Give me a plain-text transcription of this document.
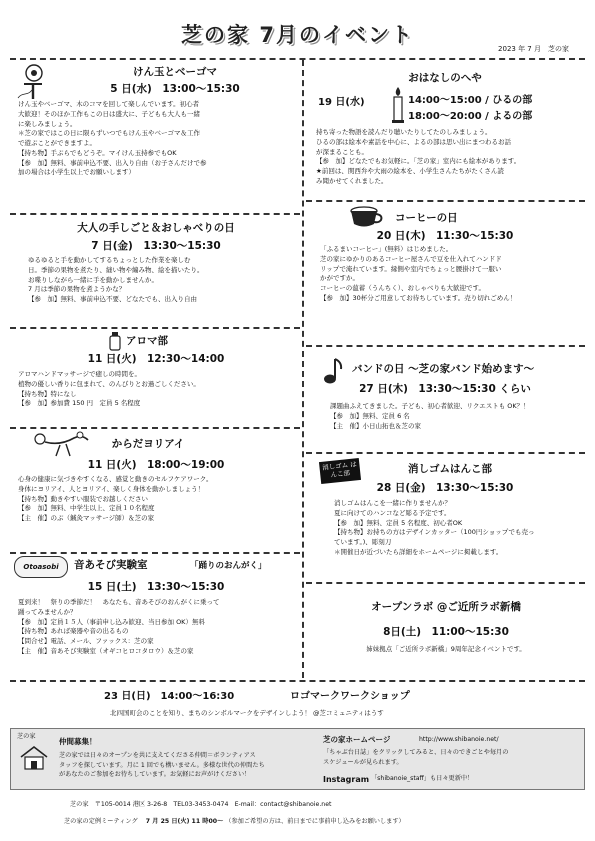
芝の家 7月のイベント
2023 年 7 月　芝の家
けん玉とベーゴマ
5 日(水)　13:00〜15:30

けん玉やベーゴマ、木のコマを回して楽しんでいます。初心者

大歓迎！そのほか工作もこの日は盛大に、子どもも大人も一緒

に楽しみましょう。

＊芝の家ではこの日に限らずいつでもけん玉やベーゴマ＆工作

で遊ぶことができますよ。

【持ち物】手ぶらでもどうぞ。マイけん玉持参でもOK

【参　加】無料、事前申込不要、出入り自由（お子さんだけで参

加の場合は小学生以上でお願いします）

おはなしのへや
19 日(水)	14:00〜15:00 / ひるの部
18:00〜20:00 / よるの部

持ち寄った物語を読んだり聴いたりしてたのしみましょう。

ひるの部は絵本や素話を中心に、よるの部は思い出にまつわるお話

が深まることも。

【参　加】どなたでもお気軽に。「芝の家」室内にも絵本があります。

★前回は、関西弁や大雨の絵本を、小学生さんたちがたくさん読

み聞かせてくれました。

大人の手しごと＆おしゃべりの日
7 日(金)　13:30〜15:30

ゆるゆると手を動かしてするちょっとした作業を楽しむ

日。季節の果物を煮たり、縫い物や編み物、絵を描いたり。

お喋りしながら一緒に手を動かしませんか。

7 月は季節の果物を煮ようかな？

【参　加】無料、事前申込不要、どなたでも、出入り自由

コーヒーの日
20 日(木)　11:30〜15:30

「ふるまいコーヒー」(無料）はじめました。

芝の家にゆかりのあるコーヒー屋さんで豆を仕入れてハンドド

リップで淹れています。縁側や室内でちょっと腰掛けて一服い

かがですか。

コーヒーの薀蓄（うんちく）、おしゃべりも大歓迎です。

【参　加】30杯分ご用意してお待ちしています。売り切れごめん！

アロマ部
11 日(火)　12:30〜14:00

アロマハンドマッサージで癒しの時間を。

植物の優しい香りに包まれて、のんびりとお過ごしください。

【持ち物】特になし

【参　加】参加費 150 円　定員 5 名程度

バンドの日 〜芝の家バンド始めます〜
27 日(木)　13:30〜15:30 くらい

課題曲ふえてきました。子ども、初心者歓迎、リクエストも OK？！

【参　加】無料、定員 6 名

【主　催】小日山拓也＆芝の家

からだヨリアイ
11 日(火)　18:00〜19:00

心身の健康に気づきやすくなる、感覚と動きのセルフケアワーク。

身体にヨリアイ、人とヨリアイ、楽しく身体を動かしましょう！

【持ち物】動きやすい服装でお越しください

【参　加】無料、中学生以上、定員１０名程度

【主　催】のぶ（鍼灸マッサージ師）＆芝の家

消しゴム はんこ部	消しゴムはんこ部
28 日(金)　13:30〜15:30

消しゴムはんこを一緒に作りませんか？

夏に向けてのハンコなど彫る予定です。

【参　加】無料、定員 5 名程度、初心者OK

【持ち物】お持ちの方はデザインカッター（100円ショップでも売っ

ています。)、彫刻刀

＊開催日が近づいたら詳細をホームページに掲載します。

Otoasobi	音あそび実験室	「踊りのおんがく」
15 日(土)　13:30〜15:30

夏到来！　祭りの季節だ！　あなたも、音あそびのおんがくに乗って

踊ってみませんか？

【参　加】定員１５人（事前申し込み歓迎、当日参加 OK）無料

【持ち物】あれば楽器や音の出るもの

【問合せ】電話、メール、ファックス：芝の家

【主　催】音あそび実験室（オギコヒロコタロウ）＆芝の家

オープンラボ @ご近所ラボ新橋
8日(土)　11:00〜15:30

姉妹拠点「ご近所ラボ新橋」9周年記念イベントです。

23 日(日)　14:00〜16:30	ロゴマークワークショップ
北四国町会のことを知り、まちのシンボルマークをデザインしよう！ @芝コミュニティはうす
芝の家
仲間募集！

芝の家では日々のオープンを共に支えてくださる仲間＝ボランティアス

タッフを探しています。月に 1 回でも構いません。多様な世代の仲間たち

があなたのご参加をお待ちしています。お気軽にお声がけください！

芝の家ホームページ	http://www.shibanoie.net/

「ちゃぶ台日誌」をクリックしてみると、日々のできごとや毎月の

スケジュールが見られます。

Instagram 「shibanoie_staff」も日々更新中！
芝の家　〒105-0014 港区 3-26-8　TEL03-3453-0474　E-mail：contact@shibanoie.net
芝の家の定例ミーティング　 7 月 25 日(火) 11 時00〜 （参加ご希望の方は、前日までに事前申し込みをお願いします）
